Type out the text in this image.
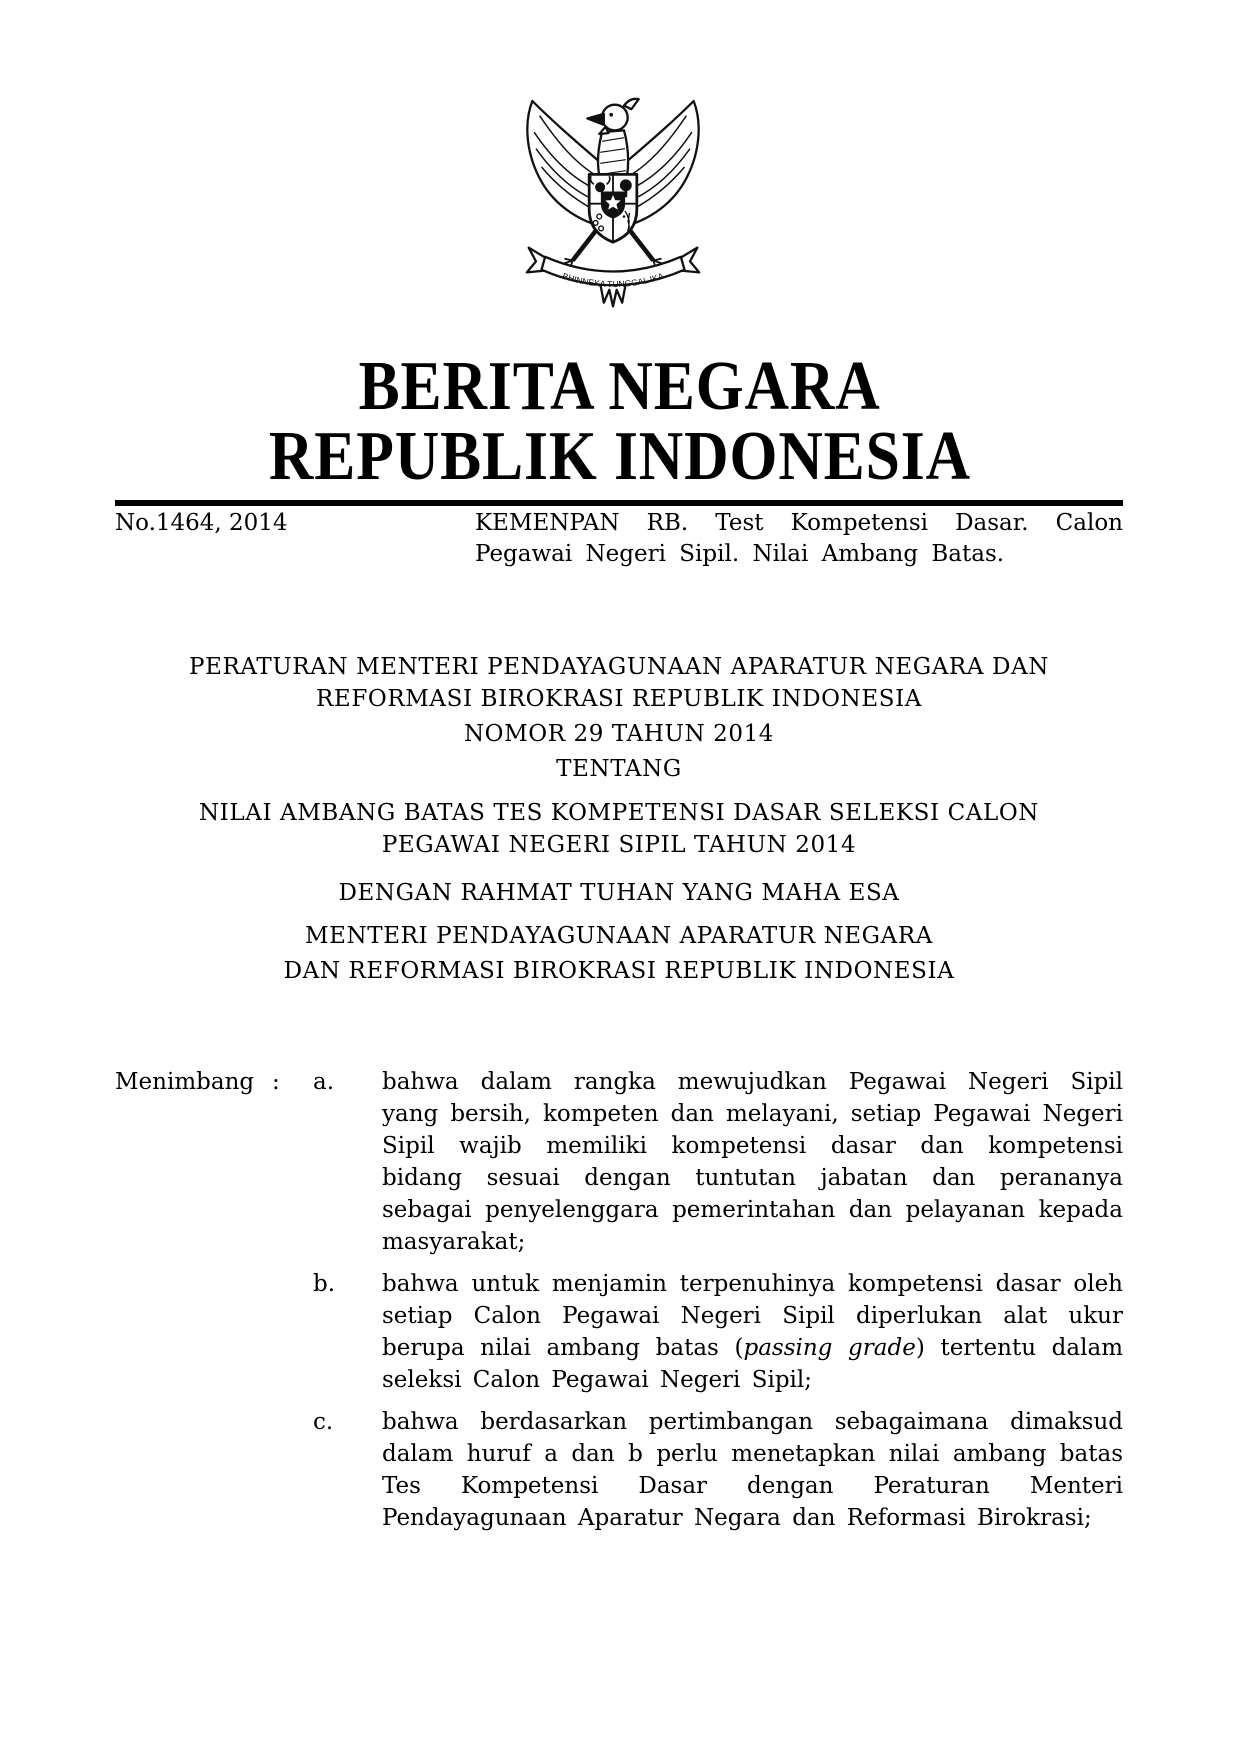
BHINNEKA TUNGGAL IKA
BERITA NEGARA
REPUBLIK INDONESIA
No.1464, 2014	KEMENPAN RB. Test Kompetensi Dasar. Calon Pegawai Negeri Sipil. Nilai Ambang Batas.
PERATURAN MENTERI PENDAYAGUNAAN APARATUR NEGARA DAN
REFORMASI BIROKRASI REPUBLIK INDONESIA
NOMOR 29 TAHUN 2014
TENTANG
NILAI AMBANG BATAS TES KOMPETENSI DASAR SELEKSI CALON
PEGAWAI NEGERI SIPIL TAHUN 2014
DENGAN RAHMAT TUHAN YANG MAHA ESA
MENTERI PENDAYAGUNAAN APARATUR NEGARA
DAN REFORMASI BIROKRASI REPUBLIK INDONESIA
Menimbang :	a.	bahwa dalam rangka mewujudkan Pegawai Negeri Sipil yang bersih, kompeten dan melayani, setiap Pegawai Negeri Sipil wajib memiliki kompetensi dasar dan kompetensi bidang sesuai dengan tuntutan jabatan dan perananya sebagai penyelenggara pemerintahan dan pelayanan kepada masyarakat;
b.	bahwa untuk menjamin terpenuhinya kompetensi dasar oleh setiap Calon Pegawai Negeri Sipil diperlukan alat ukur berupa nilai ambang batas (passing grade) tertentu dalam seleksi Calon Pegawai Negeri Sipil;
c.	bahwa berdasarkan pertimbangan sebagaimana dimaksud dalam huruf a dan b perlu menetapkan nilai ambang batas Tes Kompetensi Dasar dengan Peraturan Menteri Pendayagunaan Aparatur Negara dan Reformasi Birokrasi;
